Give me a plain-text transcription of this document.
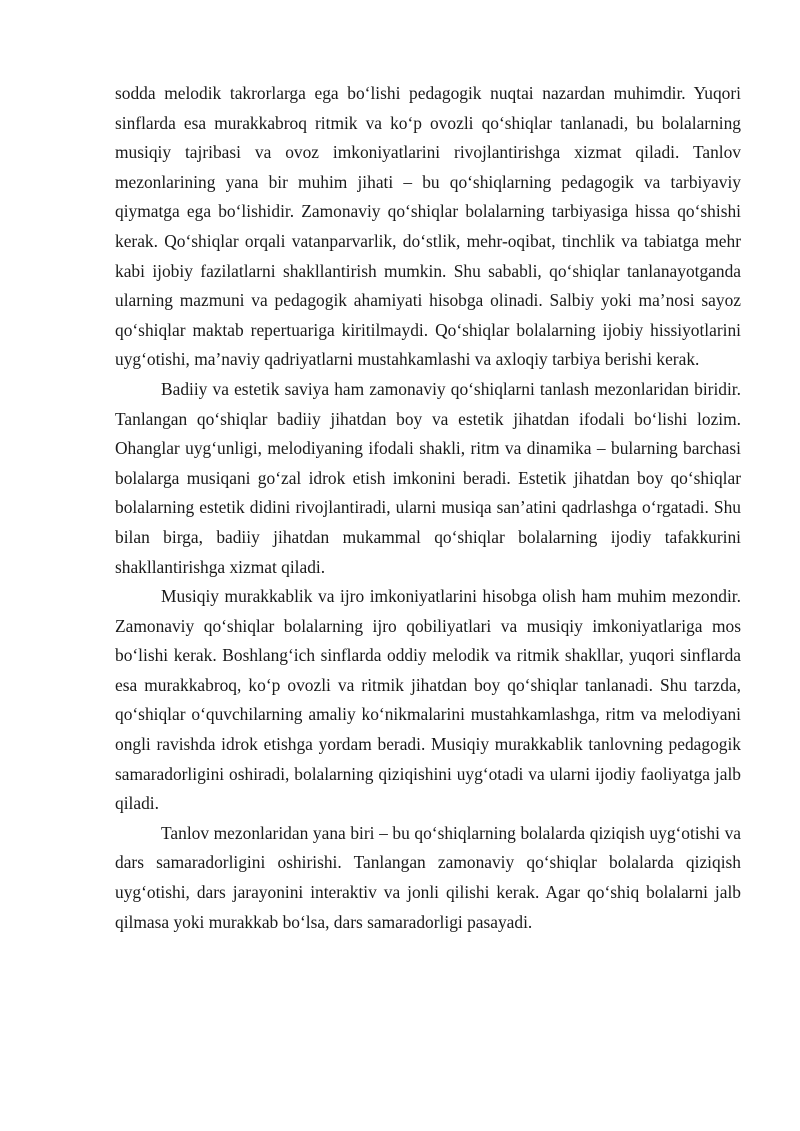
sodda melodik takrorlarga ega bo‘lishi pedagogik nuqtai nazardan muhimdir. Yuqori sinflarda esa murakkabroq ritmik va ko‘p ovozli qo‘shiqlar tanlanadi, bu bolalarning musiqiy tajribasi va ovoz imkoniyatlarini rivojlantirishga xizmat qiladi. Tanlov mezonlarining yana bir muhim jihati – bu qo‘shiqlarning pedagogik va tarbiyaviy qiymatga ega bo‘lishidir. Zamonaviy qo‘shiqlar bolalarning tarbiyasiga hissa qo‘shishi kerak. Qo‘shiqlar orqali vatanparvarlik, do‘stlik, mehr-oqibat, tinchlik va tabiatga mehr kabi ijobiy fazilatlarni shakllantirish mumkin. Shu sababli, qo‘shiqlar tanlanayotganda ularning mazmuni va pedagogik ahamiyati hisobga olinadi. Salbiy yoki ma’nosi sayoz qo‘shiqlar maktab repertuariga kiritilmaydi. Qo‘shiqlar bolalarning ijobiy hissiyotlarini uyg‘otishi, ma’naviy qadriyatlarni mustahkamlashi va axloqiy tarbiya berishi kerak.

Badiiy va estetik saviya ham zamonaviy qo‘shiqlarni tanlash mezonlaridan biridir. Tanlangan qo‘shiqlar badiiy jihatdan boy va estetik jihatdan ifodali bo‘lishi lozim. Ohanglar uyg‘unligi, melodiyaning ifodali shakli, ritm va dinamika – bularning barchasi bolalarga musiqani go‘zal idrok etish imkonini beradi. Estetik jihatdan boy qo‘shiqlar bolalarning estetik didini rivojlantiradi, ularni musiqa san’atini qadrlashga o‘rgatadi. Shu bilan birga, badiiy jihatdan mukammal qo‘shiqlar bolalarning ijodiy tafakkurini shakllantirishga xizmat qiladi.

Musiqiy murakkablik va ijro imkoniyatlarini hisobga olish ham muhim mezondir. Zamonaviy qo‘shiqlar bolalarning ijro qobiliyatlari va musiqiy imkoniyatlariga mos bo‘lishi kerak. Boshlang‘ich sinflarda oddiy melodik va ritmik shakllar, yuqori sinflarda esa murakkabroq, ko‘p ovozli va ritmik jihatdan boy qo‘shiqlar tanlanadi. Shu tarzda, qo‘shiqlar o‘quvchilarning amaliy ko‘nikmalarini mustahkamlashga, ritm va melodiyani ongli ravishda idrok etishga yordam beradi. Musiqiy murakkablik tanlovning pedagogik samaradorligini oshiradi, bolalarning qiziqishini uyg‘otadi va ularni ijodiy faoliyatga jalb qiladi.

Tanlov mezonlaridan yana biri – bu qo‘shiqlarning bolalarda qiziqish uyg‘otishi va dars samaradorligini oshirishi. Tanlangan zamonaviy qo‘shiqlar bolalarda qiziqish uyg‘otishi, dars jarayonini interaktiv va jonli qilishi kerak. Agar qo‘shiq bolalarni jalb qilmasa yoki murakkab bo‘lsa, dars samaradorligi pasayadi.
